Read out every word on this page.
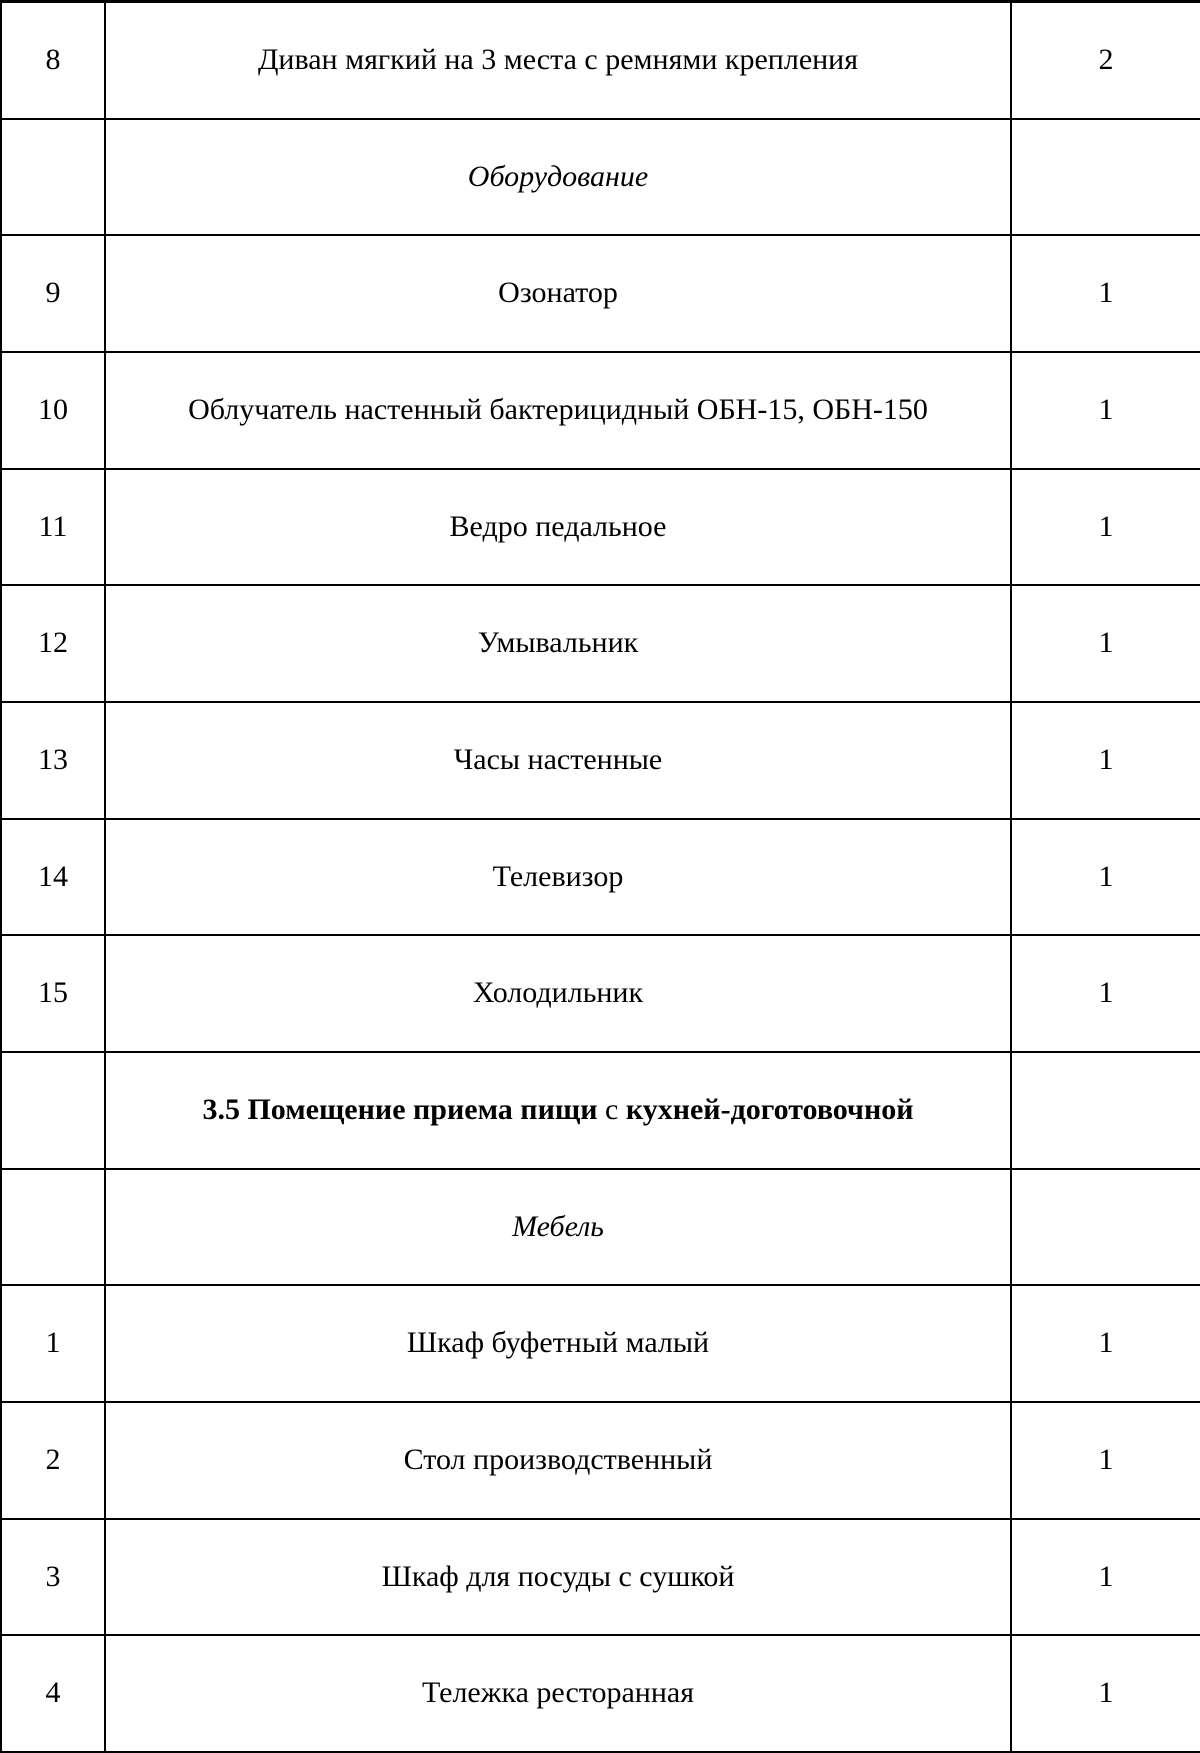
8	Диван мягкий на 3 места с ремнями крепления	2
	Оборудование	
9	Озонатор	1
10	Облучатель настенный бактерицидный ОБН-15, ОБН-150	1
11	Ведро педальное	1
12	Умывальник	1
13	Часы настенные	1
14	Телевизор	1
15	Холодильник	1
	3.5 Помещение приема пищи с кухней-доготовочной	
	Мебель	
1	Шкаф буфетный малый	1
2	Стол производственный	1
3	Шкаф для посуды с сушкой	1
4	Тележка ресторанная	1
